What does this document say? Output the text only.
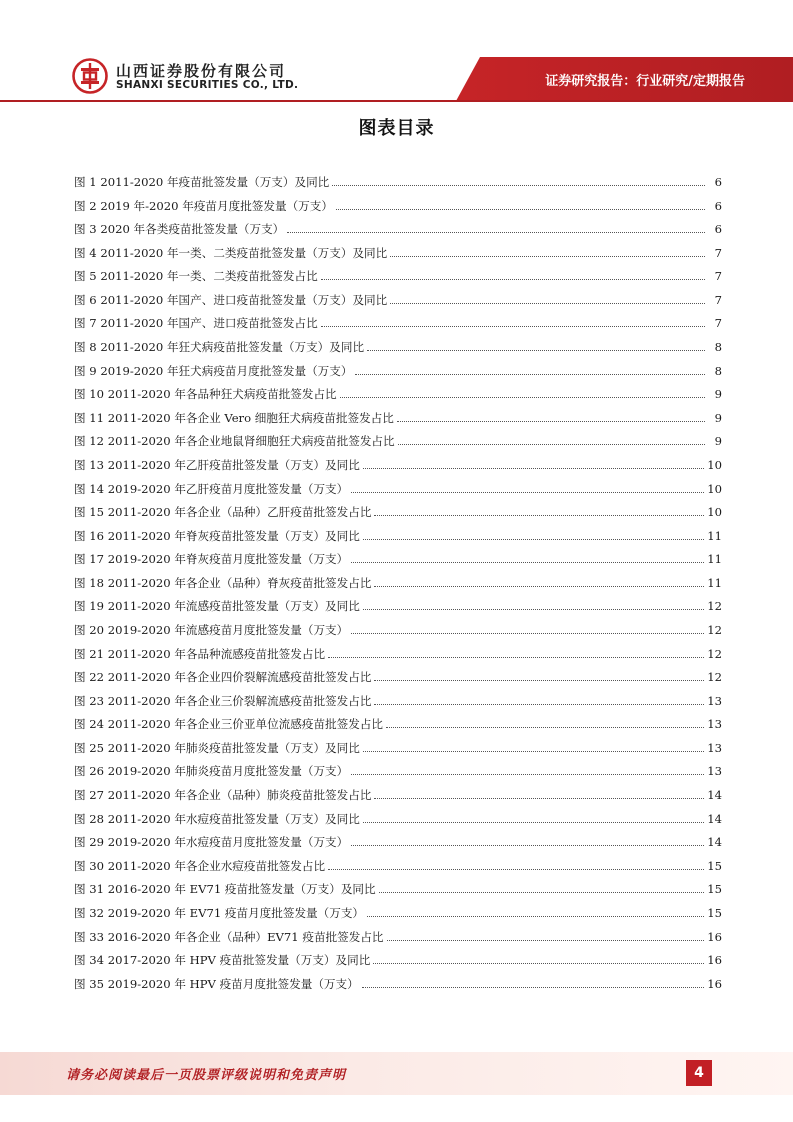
山西证券股份有限公司
SHANXI SECURITIES CO., LTD.	证券研究报告：行业研究/定期报告
图表目录
图 1 2011-2020 年疫苗批签发量（万支）及同比	6
图 2 2019 年-2020 年疫苗月度批签发量（万支）	6
图 3 2020 年各类疫苗批签发量（万支）	6
图 4 2011-2020 年一类、二类疫苗批签发量（万支）及同比	7
图 5 2011-2020 年一类、二类疫苗批签发占比	7
图 6 2011-2020 年国产、进口疫苗批签发量（万支）及同比	7
图 7 2011-2020 年国产、进口疫苗批签发占比	7
图 8 2011-2020 年狂犬病疫苗批签发量（万支）及同比	8
图 9 2019-2020 年狂犬病疫苗月度批签发量（万支）	8
图 10 2011-2020 年各品种狂犬病疫苗批签发占比	9
图 11 2011-2020 年各企业 Vero 细胞狂犬病疫苗批签发占比	9
图 12 2011-2020 年各企业地鼠肾细胞狂犬病疫苗批签发占比	9
图 13 2011-2020 年乙肝疫苗批签发量（万支）及同比	10
图 14 2019-2020 年乙肝疫苗月度批签发量（万支）	10
图 15 2011-2020 年各企业（品种）乙肝疫苗批签发占比	10
图 16 2011-2020 年脊灰疫苗批签发量（万支）及同比	11
图 17 2019-2020 年脊灰疫苗月度批签发量（万支）	11
图 18 2011-2020 年各企业（品种）脊灰疫苗批签发占比	11
图 19 2011-2020 年流感疫苗批签发量（万支）及同比	12
图 20 2019-2020 年流感疫苗月度批签发量（万支）	12
图 21 2011-2020 年各品种流感疫苗批签发占比	12
图 22 2011-2020 年各企业四价裂解流感疫苗批签发占比	12
图 23 2011-2020 年各企业三价裂解流感疫苗批签发占比	13
图 24 2011-2020 年各企业三价亚单位流感疫苗批签发占比	13
图 25 2011-2020 年肺炎疫苗批签发量（万支）及同比	13
图 26 2019-2020 年肺炎疫苗月度批签发量（万支）	13
图 27 2011-2020 年各企业（品种）肺炎疫苗批签发占比	14
图 28 2011-2020 年水痘疫苗批签发量（万支）及同比	14
图 29 2019-2020 年水痘疫苗月度批签发量（万支）	14
图 30 2011-2020 年各企业水痘疫苗批签发占比	15
图 31 2016-2020 年 EV71 疫苗批签发量（万支）及同比	15
图 32 2019-2020 年 EV71 疫苗月度批签发量（万支）	15
图 33 2016-2020 年各企业（品种）EV71 疫苗批签发占比	16
图 34 2017-2020 年 HPV 疫苗批签发量（万支）及同比	16
图 35 2019-2020 年 HPV 疫苗月度批签发量（万支）	16
请务必阅读最后一页股票评级说明和免责声明	4
